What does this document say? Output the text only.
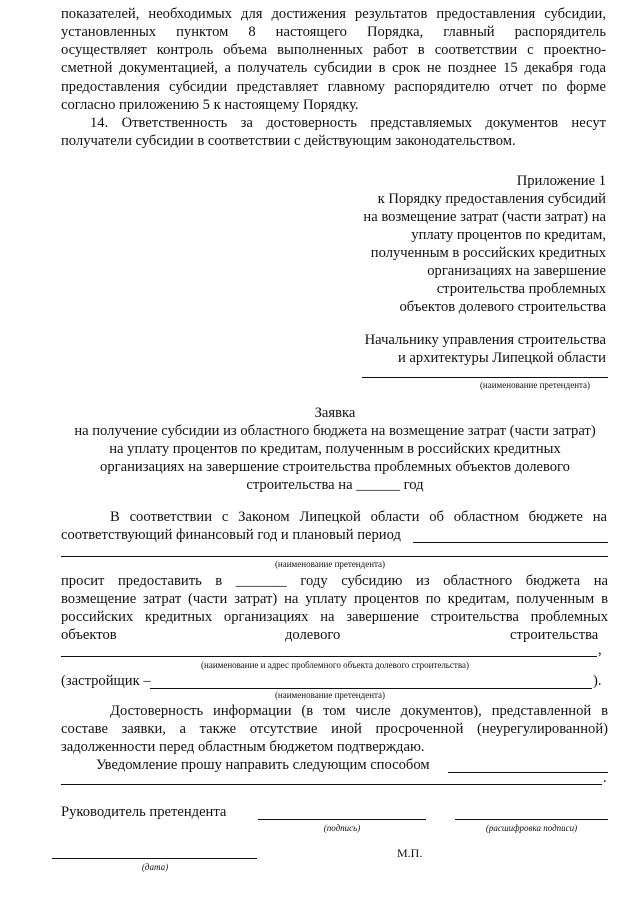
показателей, необходимых для достижения результатов предоставления субсидии,
установленных пунктом 8 настоящего Порядка, главный распорядитель
осуществляет контроль объема выполненных работ в соответствии с проектно-
сметной документацией, а получатель субсидии в срок не позднее 15 декабря года
предоставления субсидии представляет главному распорядителю отчет по форме
согласно приложению 5 к настоящему Порядку.
14. Ответственность за достоверность представляемых документов несут
получатели субсидии в соответствии с действующим законодательством.
Приложение 1
к Порядку предоставления субсидий
на возмещение затрат (части затрат) на
уплату процентов по кредитам,
полученным в российских кредитных
организациях на завершение
строительства проблемных
объектов долевого строительства
Начальнику управления строительства
и архитектуры Липецкой области
(наименование претендента)
Заявка
на получение субсидии из областного бюджета на возмещение затрат (части затрат)
на уплату процентов по кредитам, полученным в российских кредитных
организациях на завершение строительства проблемных объектов долевого
строительства на ______ год
В соответствии с Законом Липецкой области об областном бюджете на
соответствующий финансовый год и плановый период
(наименование претендента)
просит предоставить в _______ году субсидию из областного бюджета на
возмещение затрат (части затрат) на уплату процентов по кредитам, полученным в
российских кредитных организациях на завершение строительства проблемных
объектов	долевого	строительства
,
(наименование и адрес проблемного объекта долевого строительства)
(застройщик –	).
(наименование претендента)
Достоверность информации (в том числе документов), представленной в
составе заявки, а также отсутствие иной просроченной (неурегулированной)
задолженности перед областным бюджетом подтверждаю.
Уведомление прошу направить следующим способом
.
Руководитель претендента
(подпись)	(расшифровка подписи)
М.П.
(дата)
